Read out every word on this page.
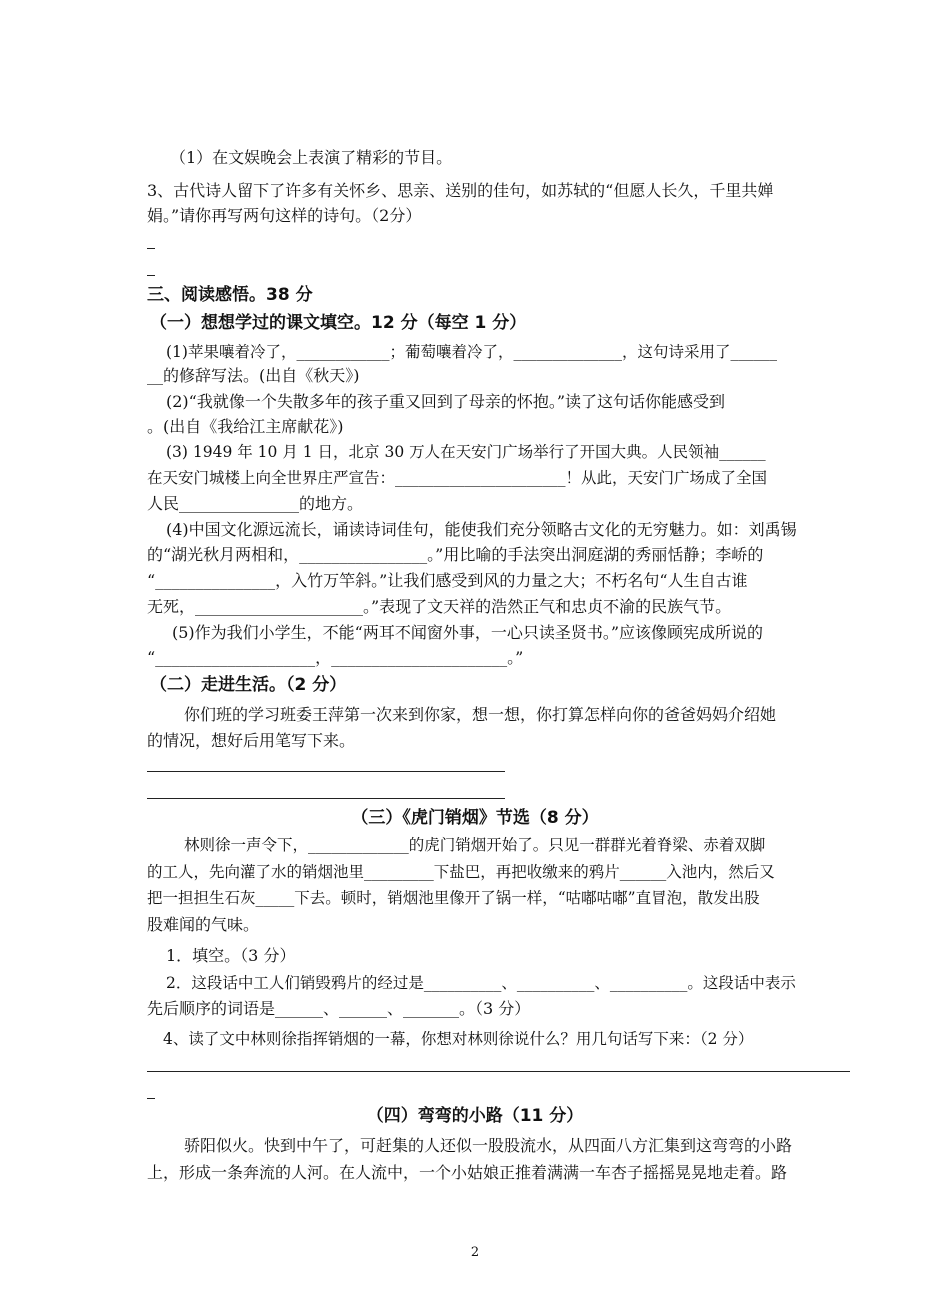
（1）在文娱晚会上表演了精彩的节目。
3、古代诗人留下了许多有关怀乡、思亲、送别的佳句，如苏轼的“但愿人长久，千里共婵
娟。”请你再写两句这样的诗句。（2分）
三、阅读感悟。38 分
（一）想想学过的课文填空。12 分（每空 1 分）
(1)苹果嚷着冷了，____________；葡萄嚷着冷了，______________，这句诗采用了______
__的修辞写法。(出自《秋天》)
(2)“我就像一个失散多年的孩子重又回到了母亲的怀抱。”读了这句话你能感受到
。(出自《我给江主席献花》)
(3) 1949 年 10 月 1 日，北京 30 万人在天安门广场举行了开国大典。人民领袖______
在天安门城楼上向全世界庄严宣告：______________________！从此，天安门广场成了全国
人民_______________的地方。
(4)中国文化源远流长，诵读诗词佳句，能使我们充分领略古文化的无穷魅力。如：刘禹锡
的“湖光秋月两相和，________________。”用比喻的手法突出洞庭湖的秀丽恬静；李峤的
“_______________，入竹万竿斜。”让我们感受到风的力量之大；不朽名句“人生自古谁
无死，_____________________。”表现了文天祥的浩然正气和忠贞不渝的民族气节。
(5)作为我们小学生，不能“两耳不闻窗外事，一心只读圣贤书。”应该像顾宪成所说的
“____________________，______________________。”
（二）走进生活。（2 分）
你们班的学习班委王萍第一次来到你家，想一想，你打算怎样向你的爸爸妈妈介绍她
的情况，想好后用笔写下来。
（三）《虎门销烟》节选（8 分）
林则徐一声令下，_____________的虎门销烟开始了。只见一群群光着脊梁、赤着双脚
的工人，先向灌了水的销烟池里_________下盐巴，再把收缴来的鸦片______入池内，然后又
把一担担生石灰_____下去。顿时，销烟池里像开了锅一样，“咕嘟咕嘟”直冒泡，散发出股
股难闻的气味。
1．填空。（3 分）
2．这段话中工人们销毁鸦片的经过是__________、__________、__________。这段话中表示
先后顺序的词语是______、______、_______。（3 分）
4、读了文中林则徐指挥销烟的一幕，你想对林则徐说什么？用几句话写下来：（2 分）
（四）弯弯的小路（11 分）
骄阳似火。快到中午了，可赶集的人还似一股股流水，从四面八方汇集到这弯弯的小路
上，形成一条奔流的人河。在人流中，一个小姑娘正推着满满一车杏子摇摇晃晃地走着。路
2
